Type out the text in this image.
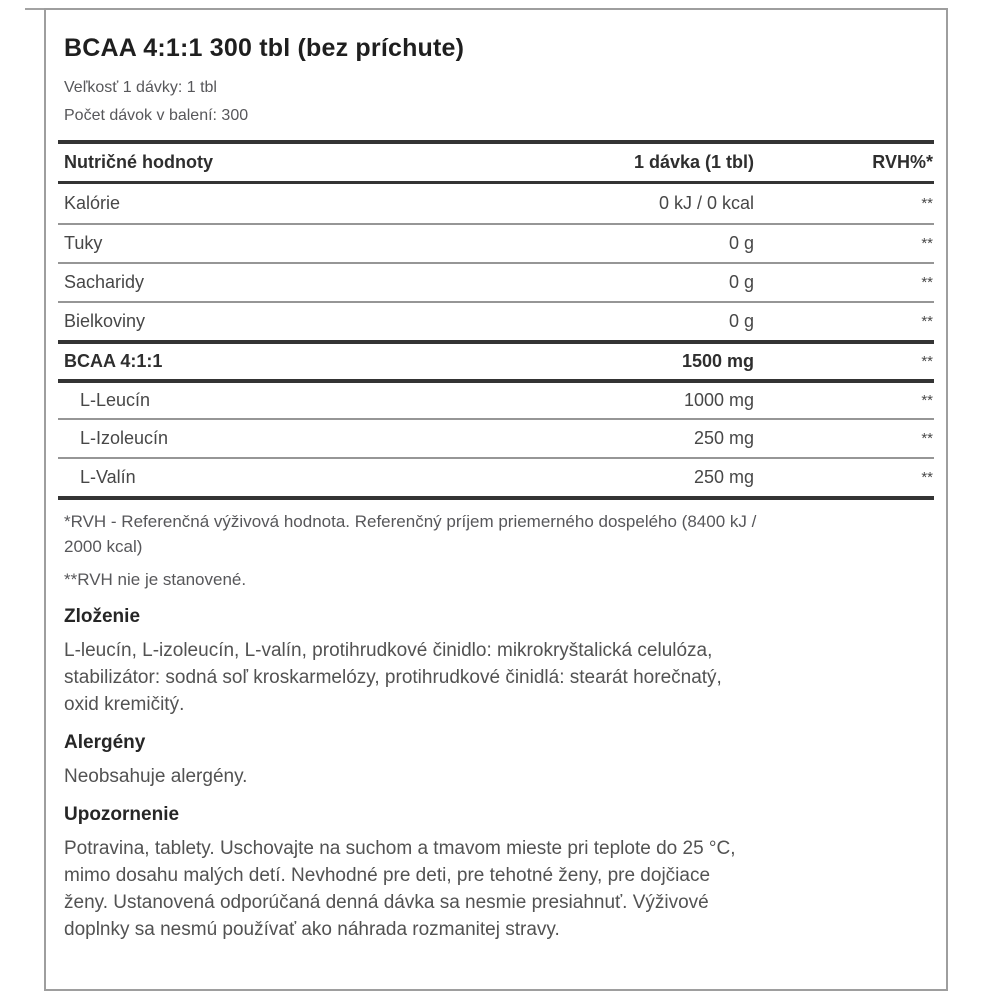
BCAA 4:1:1 300 tbl (bez príchute)
Veľkosť 1 dávky: 1 tbl
Počet dávok v balení: 300
Nutričné hodnoty	1 dávka (1 tbl)	RVH%*
Kalórie	0 kJ / 0 kcal	**
Tuky	0 g	**
Sacharidy	0 g	**
Bielkoviny	0 g	**
BCAA 4:1:1	1500 mg	**
L-Leucín	1000 mg	**
L-Izoleucín	250 mg	**
L-Valín	250 mg	**
*RVH - Referenčná výživová hodnota. Referenčný príjem priemerného dospelého (8400 kJ /
2000 kcal)
**RVH nie je stanovené.
Zloženie
L-leucín, L-izoleucín, L-valín, protihrudkové činidlo: mikrokryštalická celulóza,
stabilizátor: sodná soľ kroskarmelózy, protihrudkové činidlá: stearát horečnatý,
oxid kremičitý.
Alergény
Neobsahuje alergény.
Upozornenie
Potravina, tablety. Uschovajte na suchom a tmavom mieste pri teplote do 25 °C,
mimo dosahu malých detí. Nevhodné pre deti, pre tehotné ženy, pre dojčiace
ženy. Ustanovená odporúčaná denná dávka sa nesmie presiahnuť. Výživové
doplnky sa nesmú používať ako náhrada rozmanitej stravy.
